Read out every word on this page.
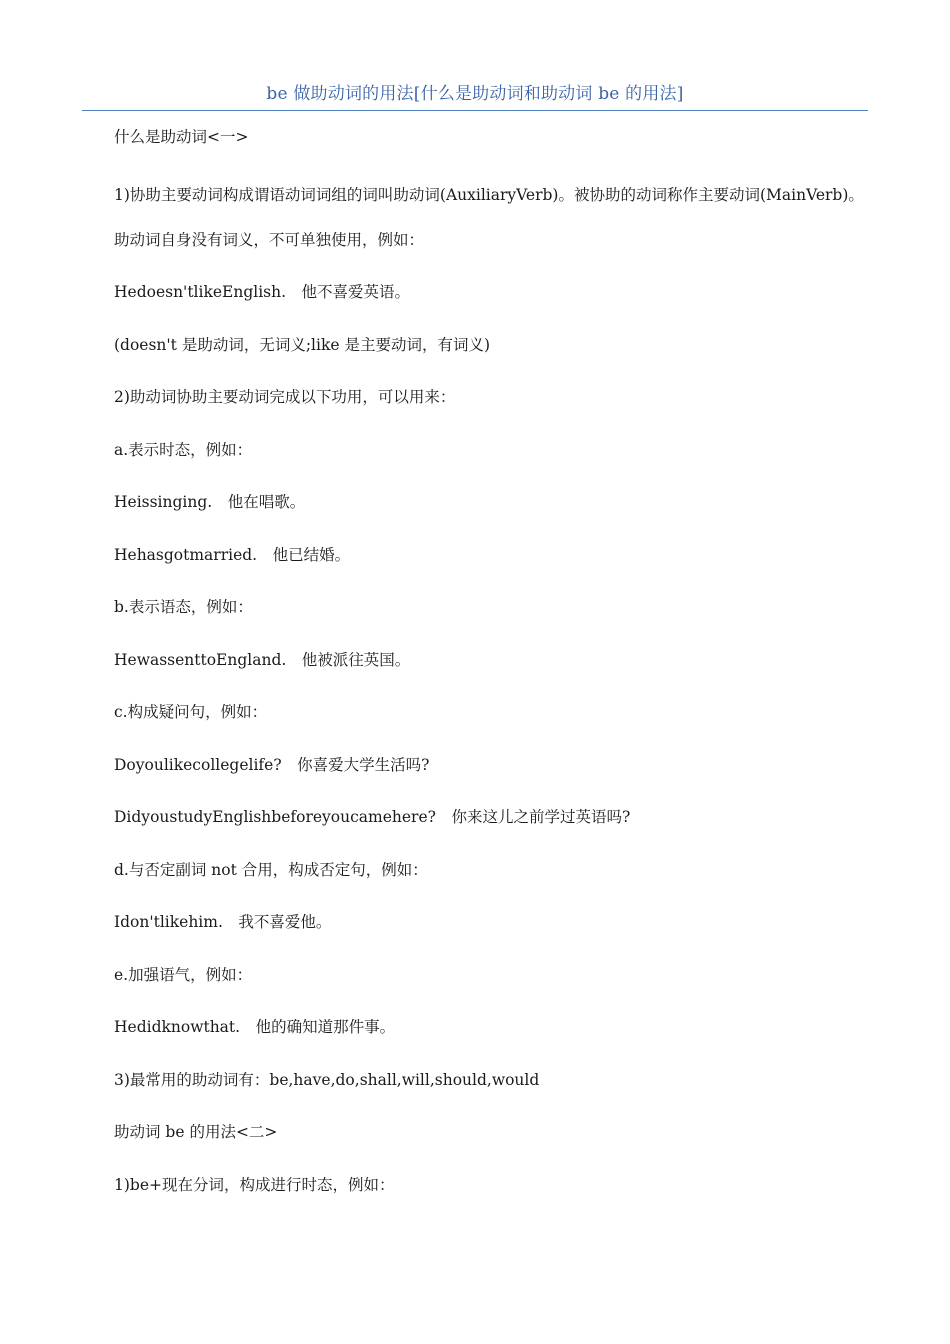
be 做助动词的用法[什么是助动词和助动词 be 的用法]

什么是助动词<一>

1)协助主要动词构成谓语动词词组的词叫助动词(AuxiliaryVerb)。被协助的动词称作主要动词(MainVerb)。

助动词自身没有词义，不可单独使用，例如：

Hedoesn'tlikeEnglish.　他不喜爱英语。

(doesn't 是助动词，无词义;like 是主要动词，有词义)

2)助动词协助主要动词完成以下功用，可以用来：

a.表示时态，例如：

Heissinging.　他在唱歌。

Hehasgotmarried.　他已结婚。

b.表示语态，例如：

HewassenttoEngland.　他被派往英国。

c.构成疑问句，例如：

Doyoulikecollegelife?　你喜爱大学生活吗?

DidyoustudyEnglishbeforeyoucamehere?　你来这儿之前学过英语吗?

d.与否定副词 not 合用，构成否定句，例如：

Idon'tlikehim.　我不喜爱他。

e.加强语气，例如：

Hedidknowthat.　他的确知道那件事。

3)最常用的助动词有：be,have,do,shall,will,should,would

助动词 be 的用法<二>

1)be+现在分词，构成进行时态，例如：
